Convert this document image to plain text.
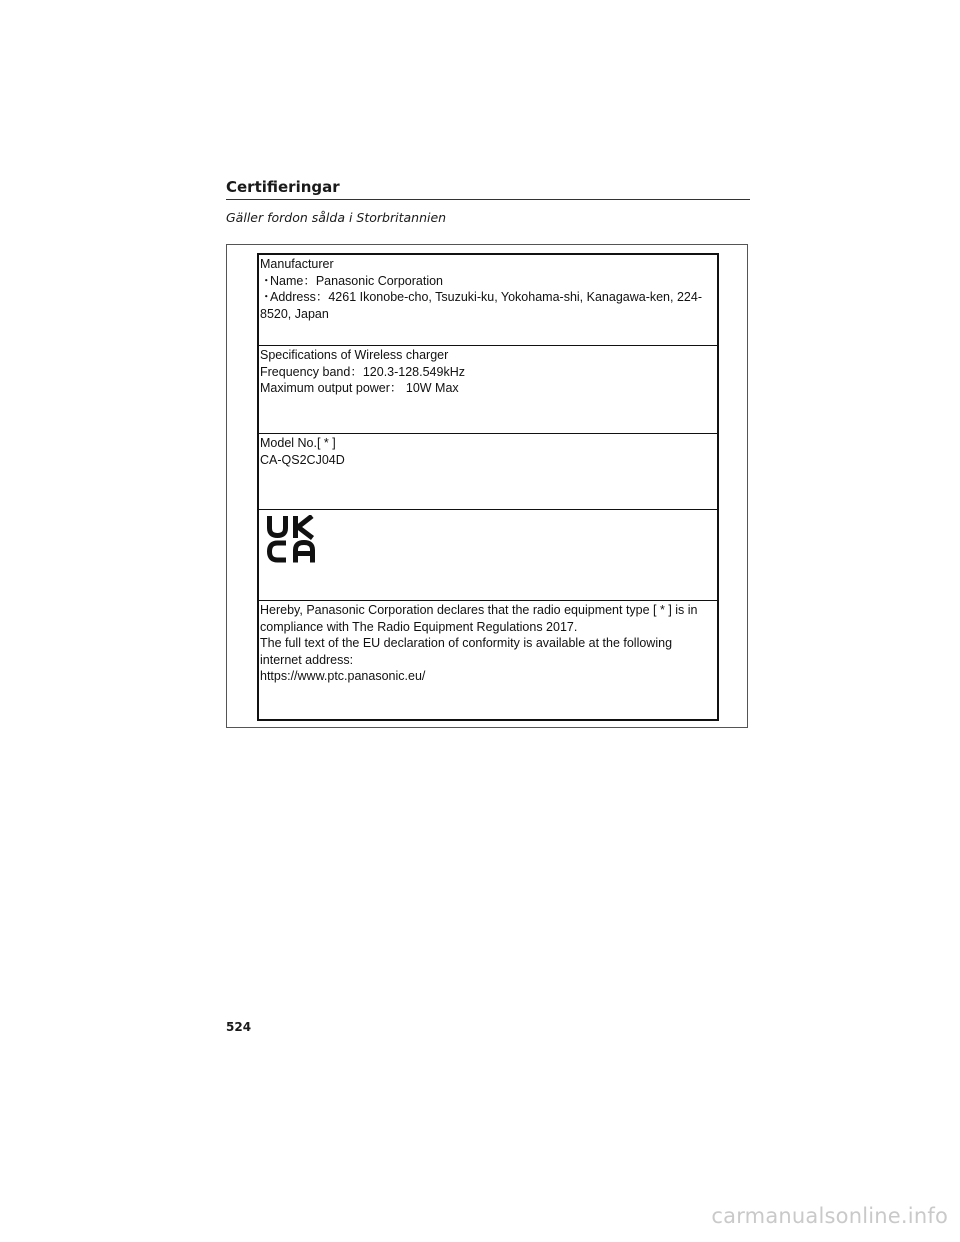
Certifieringar
Gäller fordon sålda i Storbritannien
Manufacturer
・Name：Panasonic Corporation
・Address：4261 Ikonobe-cho, Tsuzuki-ku, Yokohama-shi, Kanagawa-ken, 224-
8520, Japan
Specifications of Wireless charger
Frequency band：120.3-128.549kHz
Maximum output power： 10W Max
Model No.[ * ]
CA-QS2CJ04D
Hereby, Panasonic Corporation declares that the radio equipment type [ * ] is in
compliance with The Radio Equipment Regulations 2017.
The full text of the EU declaration of conformity is available at the following
internet address:
https://www.ptc.panasonic.eu/
524
carmanualsonline.info
